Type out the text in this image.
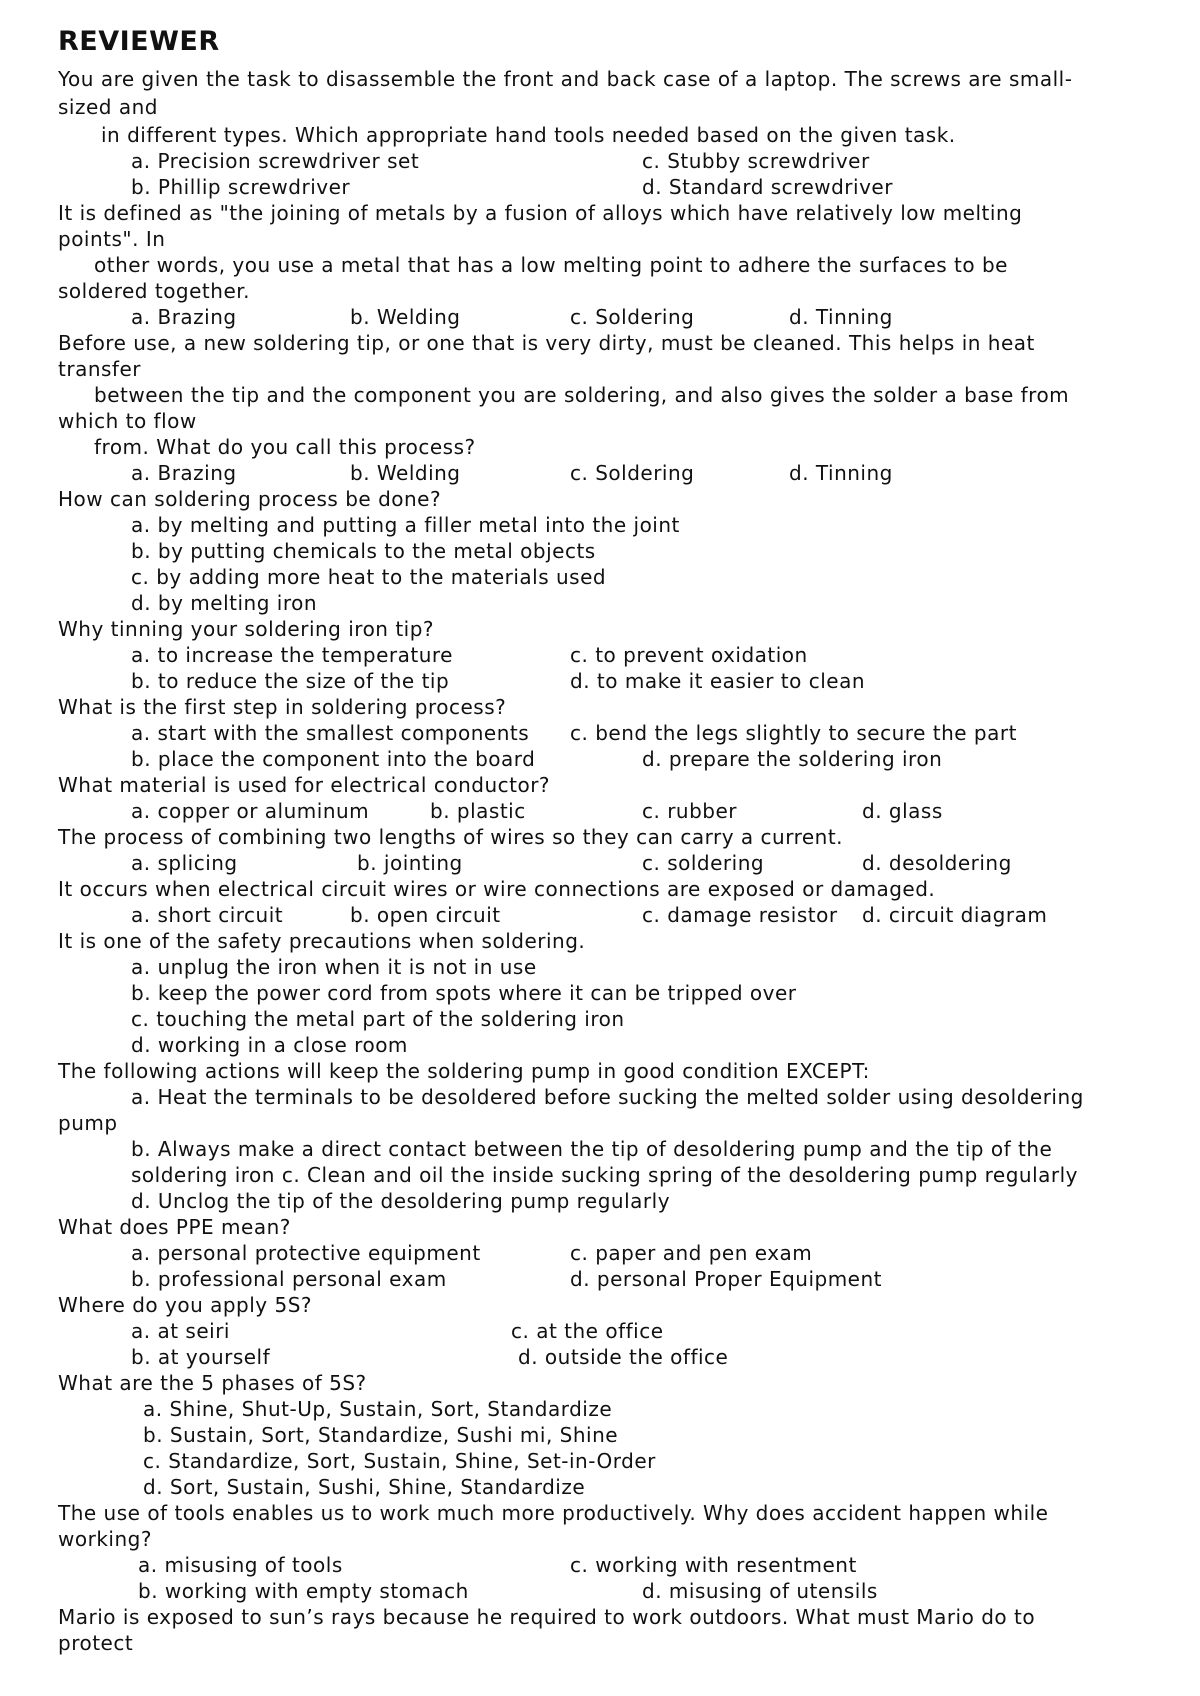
REVIEWER
You are given the task to disassemble the front and back case of a laptop. The screws are small-
sized and
in different types. Which appropriate hand tools needed based on the given task.
a. Precision screwdriver set	c. Stubby screwdriver
b. Phillip screwdriver	d. Standard screwdriver
It is defined as "the joining of metals by a fusion of alloys which have relatively low melting
points". In
other words, you use a metal that has a low melting point to adhere the surfaces to be
soldered together.
a. Brazing	b. Welding	c. Soldering	d. Tinning
Before use, a new soldering tip, or one that is very dirty, must be cleaned. This helps in heat
transfer
between the tip and the component you are soldering, and also gives the solder a base from
which to flow
from. What do you call this process?
a. Brazing	b. Welding	c. Soldering	d. Tinning
How can soldering process be done?
a. by melting and putting a filler metal into the joint
b. by putting chemicals to the metal objects
c. by adding more heat to the materials used
d. by melting iron
Why tinning your soldering iron tip?
a. to increase the temperature	c. to prevent oxidation
b. to reduce the size of the tip	d. to make it easier to clean
What is the first step in soldering process?
a. start with the smallest components c. bend the legs slightly to secure the part
b. place the component into the board	d. prepare the soldering iron
What material is used for electrical conductor?
a. copper or aluminum	b. plastic	c. rubber	d. glass
The process of combining two lengths of wires so they can carry a current.
a. splicing	b. jointing	c. soldering	d. desoldering
It occurs when electrical circuit wires or wire connections are exposed or damaged.
a. short circuit	b. open circuit	c. damage resistor d. circuit diagram
It is one of the safety precautions when soldering.
a. unplug the iron when it is not in use
b. keep the power cord from spots where it can be tripped over
c. touching the metal part of the soldering iron
d. working in a close room
The following actions will keep the soldering pump in good condition EXCEPT:
a. Heat the terminals to be desoldered before sucking the melted solder using desoldering
pump
b. Always make a direct contact between the tip of desoldering pump and the tip of the
soldering iron c. Clean and oil the inside sucking spring of the desoldering pump regularly
d. Unclog the tip of the desoldering pump regularly
What does PPE mean?
a. personal protective equipment	c. paper and pen exam
b. professional personal exam	d. personal Proper Equipment
Where do you apply 5S?
a. at seiri	c. at the office
b. at yourself	d. outside the office
What are the 5 phases of 5S?
a. Shine, Shut-Up, Sustain, Sort, Standardize
b. Sustain, Sort, Standardize, Sushi mi, Shine
c. Standardize, Sort, Sustain, Shine, Set-in-Order
d. Sort, Sustain, Sushi, Shine, Standardize
The use of tools enables us to work much more productively. Why does accident happen while
working?
a. misusing of tools	c. working with resentment
b. working with empty stomach	d. misusing of utensils
Mario is exposed to sun’s rays because he required to work outdoors. What must Mario do to
protect
